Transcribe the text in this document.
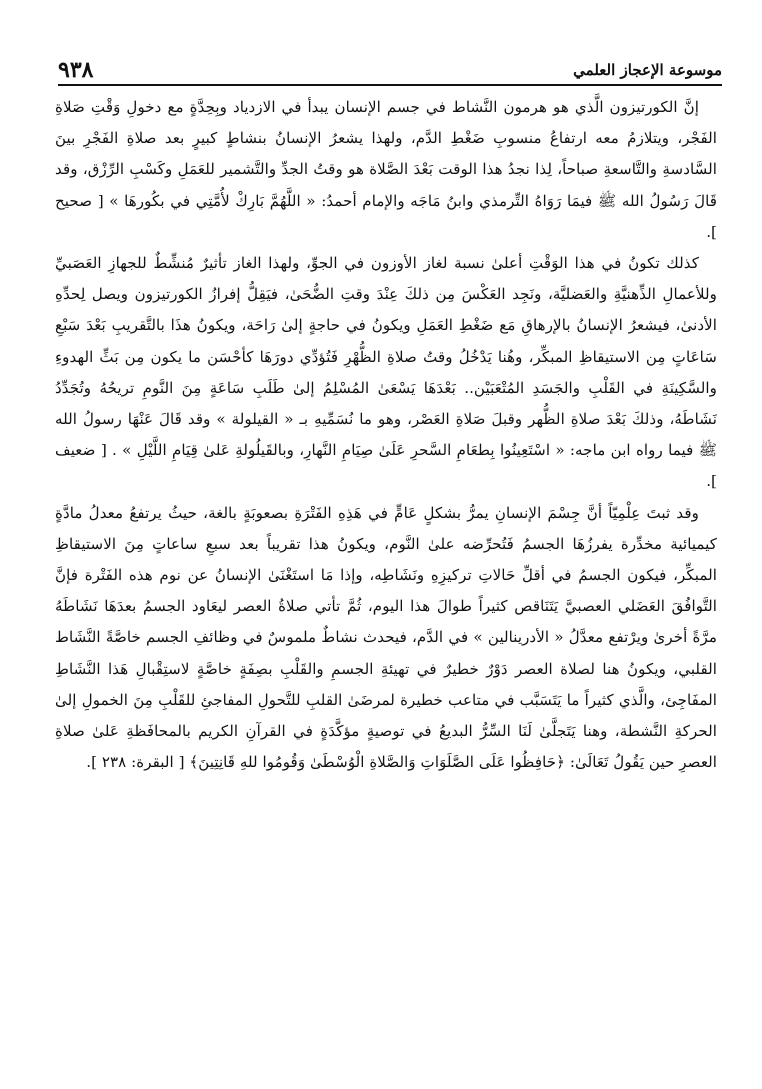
موسوعة الإعجاز العلمي
٩٣٨

إنَّ الكورتيزون الَّذي هو هرمون النَّشاط في جسم الإنسان يبدأ في الازدياد وبِحِدَّةٍ مع دخولِ وَقْتِ صَلاةِ الفَجْر، ويتلازمُ معه ارتفاعُ منسوبِ ضَغْطِ الدَّم، ولهذا يشعرُ الإنسانُ بنشاطٍ كبيرٍ بعد صلاةِ الفَجْرِ بينَ السَّادسةِ والتَّاسعةِ صباحاً، لِذا نجدُ هذا الوقت بَعْدَ الصَّلاة هو وقتُ الجدِّ والتَّشمير للعَمَلِ وكَسْبِ الرِّزْق، وقد قَالَ رَسُولُ الله ﷺ فيمَا رَوَاهُ التِّرمذي وابنُ مَاجَه والإمام أحمدُ: « اللَّهُمَّ بَارِكْ لأُمَّتِي في بكُورهَا » [ صحيح ].

كذلك تكونُ في هذا الوَقْتِ أعلىٰ نسبة لغاز الأوزون في الجوِّ، ولهذا الغاز تأثيرٌ مُنشِّطٌ للجهازِ العَصَبيِّ وللأعمالِ الذِّهنيَّةِ والعَضليَّة، ونَجِد العَكْسَ مِن ذلكَ عِنْدَ وقتِ الضُّحَىٰ، فيَقِلُّ إفرازُ الكورتيزون ويصل لِحدِّهِ الأدنىٰ، فيشعرُ الإنسانُ بالإرهاقِ مَع ضَغْطِ العَمَلِ ويكونُ في حاجةٍ إلىٰ رَاحَة، ويكونُ هذَا بالتَّقريبِ بَعْدَ سَبْعِ سَاعَاتٍ مِن الاستيقاظِ المبكِّر، وهُنا يَدْخُلُ وقتُ صلاةِ الظُّهْرِ فَتُؤدِّي دورَهَا كأحْسَن ما يكون مِن بَثِّ الهدوءِ والسَّكِينَةِ في القَلْبِ والجَسَدِ المُتْعَبَيْن.. بَعْدَهَا يَسْعَىٰ المُسْلِمُ إلىٰ طَلَبِ سَاعَةٍ مِنَ النَّومِ تريحُهُ وتُجَدِّدُ نَشَاطَهُ، وذلكَ بَعْدَ صلاةِ الظُّهر وقبلَ صَلاةِ العَصْر، وهو ما نُسَمِّيهِ بـ « القيلولة » وقد قَالَ عَنْهَا رسولُ الله ﷺ فيما رواه ابن ماجه: « اسْتَعِينُوا بِطعَامِ السَّحرِ عَلَىٰ صِيَامِ النَّهارِ، وبالقَيلُولةِ عَلىٰ قِيَامِ اللَّيْلِ » . [ ضعيف ].

وقد ثبتَ عِلْمِيّاً أنَّ جِسْمَ الإنسانِ يمرُّ بشكلٍ عَامٍّ في هَذِهِ الفَتْرَةِ بصعوبَةٍ بالغة، حيثُ يرتفعُ معدلُ مادَّةٍ كيميائية مخدِّرة يفرزُهَا الجسمُ فَتُحرِّضه علىٰ النَّوم، ويكونُ هذا تقريباً بعد سبعِ ساعاتٍ مِنَ الاستيقاظِ المبكِّر، فيكون الجسمُ في أقلِّ حَالاتِ تركيزِهِ ونَشَاطِه، وإذا مَا استَغْنَىٰ الإنسانُ عن نوم هذه الفَتْرة فإنَّ التَّوافُقَ العَضَلي العصبيَّ يَتَنَاقص كثيراً طوالَ هذا اليوم، ثُمَّ تأتي صلاةُ العصر ليعَاود الجسمُ بعدَهَا نَشَاطَهُ مرَّةً أخرىٰ ويرْتفع معدَّلُ « الأدرينالين » في الدَّم، فيحدث نشاطٌ ملموسٌ في وظائفِ الجسم خاصَّةً النَّشَاط القلبي، ويكونُ هنا لصلاة العصر دَوْرٌ خطيرٌ في تهيئةِ الجسمِ والقَلْبِ بصِفَةٍ خاصَّةٍ لاستِقْبالِ هَذا النَّشَاطِ المفَاجِئ، والَّذي كثيراً ما يَتَسَبَّب في متاعب خطيرة لمرضَىٰ القلبِ للتَّحولِ المفاجئِ للقَلْبِ مِنَ الخمولِ إلىٰ الحركةِ النَّشطة، وهنا يَتَجلَّىٰ لَنَا السِّرُّ البديعُ في توصيةٍ مؤكَّدَةٍ في القرآنِ الكريم بالمحافَظةِ عَلىٰ صلاةِ العصرِ حين يَقُولُ تَعَالَىٰ: ﴿حَافِظُوا عَلَى الصَّلَوَاتِ وَالصَّلاةِ الْوُسْطَىٰ وَقُومُوا للهِ قَانِتِينَ﴾ [ البقرة: ٢٣٨ ].
